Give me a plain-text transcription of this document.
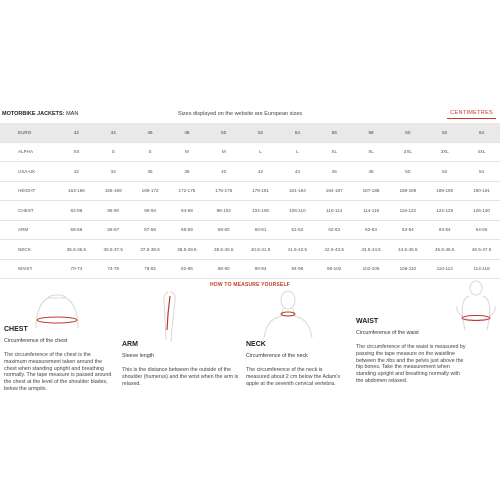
MOTORBIKE JACKETS: MAN	Sizes displayed on the website are European sizes	CENTIMETRES
EURO	42	44	46	48	50	52	54	56	58	60	62	64
ALPHA	XS	S	S	M	M	L	L	XL	XL	2XL	3XL	4XL
USA-UK	32	34	36	38	40	42	44	46	48	50	52	54
HEIGHT	163-166	166-169	169-172	172-175	175-178	178-181	181-184	184-187	187-188	188-189	189-190	190-191
CHEST	82-86	86-90	90-94	94-98	98-102	102-106	106-110	110-114	114-118	118-122	122-126	126-130
ARM	55-56	56-57	57-58	58-59	59-60	60-61	61-62	62-63	62-63	63-64	63-64	64-65
NECK	35.5-36.5	36.5-37.5	37.5-38.5	38.5-39.5	39.5-40.5	40.5-41.5	41.5-42.5	42.5-43.5	43.5-44.5	44.5-45.5	45.5-46.5	46.5-47.5
WAIST	70-74	74-78	78-82	82-86	86-90	90-94	94-98	98-102	102-106	106-110	110-114	114-118
HOW TO MEASURE YOURSELF
CHEST
Circumference of the chest
The circumference of the chest is the maximum measurement taken around the chest when standing upright and breathing normally. The tape measure is passed around the chest at the level of the shoulder blades, below the armpits.
ARM
Sleeve length
This is the distance between the outside of the shoulder (humerus) and the wrist when the arm is relaxed.
NECK
Circumference of the neck
The circumference of the neck is measured about 2 cm below the Adam's apple at the seventh cervical vertebra.
WAIST
Circumference of the waist
The circumference of the waist is measured by passing the tape measure on the waistline between the ribs and the pelvis just above the hip bones. Take the measurement when standing upright and breathing normally with the abdomen relaxed.
